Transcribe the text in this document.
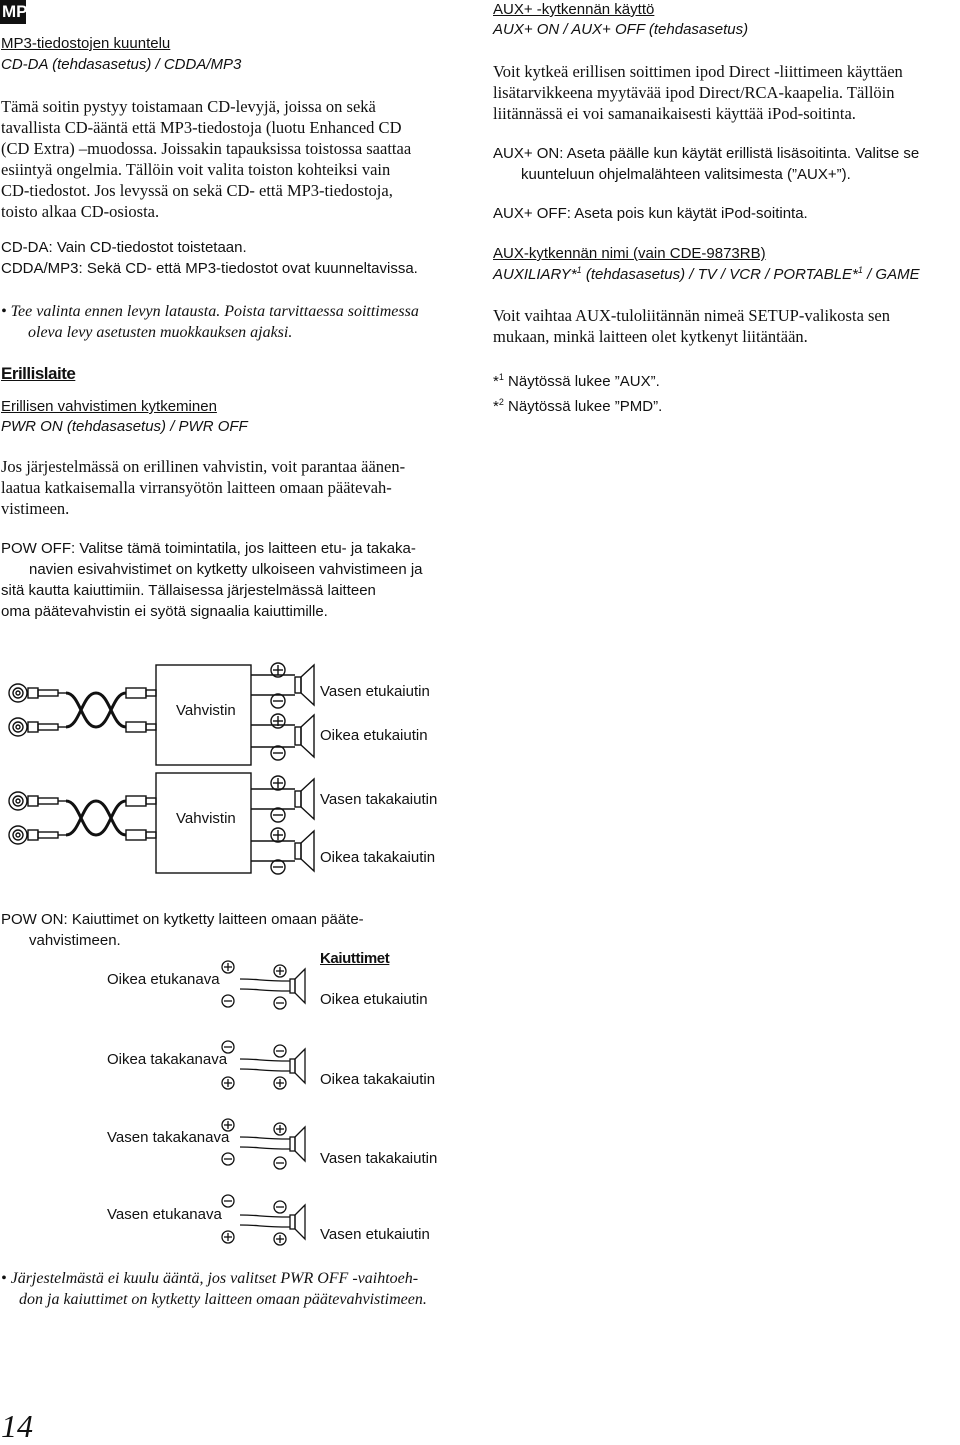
MP3
MP3-tiedostojen kuuntelu
CD-DA (tehdasasetus) / CDDA/MP3
Tämä soitin pystyy toistamaan CD-levyjä, joissa on sekä
tavallista CD-ääntä että MP3-tiedostoja (luotu Enhanced CD
(CD Extra) –muodossa. Joissakin tapauksissa toistossa saattaa
esiintyä ongelmia. Tällöin voit valita toiston kohteiksi vain
CD-tiedostot. Jos levyssä on sekä CD- että MP3-tiedostoja,
toisto alkaa CD-osiosta.
CD-DA: Vain CD-tiedostot toistetaan.
CDDA/MP3: Sekä CD- että MP3-tiedostot ovat kuunneltavissa.
• Tee valinta ennen levyn latausta. Poista tarvittaessa soittimessa
oleva levy asetusten muokkauksen ajaksi.
Erillislaite
Erillisen vahvistimen kytkeminen
PWR ON (tehdasasetus) / PWR OFF
Jos järjestelmässä on erillinen vahvistin, voit parantaa äänen-
laatua katkaisemalla virransyötön laitteen omaan päätevah-
vistimeen.
POW OFF: Valitse tämä toimintatila, jos laitteen etu- ja takaka-
navien esivahvistimet on kytketty ulkoiseen vahvistimeen ja
sitä kautta kaiuttimiin. Tällaisessa järjestelmässä laitteen
oma päätevahvistin ei syötä signaalia kaiuttimille.
Vahvistin
Vasen etukaiutin
Oikea etukaiutin
Vahvistin
Vasen takakaiutin
Oikea takakaiutin
POW ON: Kaiuttimet on kytketty laitteen omaan pääte-
vahvistimeen.
Kaiuttimet
Oikea etukanava
Oikea etukaiutin
Oikea takakanava
Oikea takakaiutin
Vasen takakanava
Vasen takakaiutin
Vasen etukanava
Vasen etukaiutin
• Järjestelmästä ei kuulu ääntä, jos valitset PWR OFF -vaihtoeh-
don ja kaiuttimet on kytketty laitteen omaan päätevahvistimeen.
14
AUX+ -kytkennän käyttö
AUX+ ON / AUX+ OFF (tehdasasetus)
Voit kytkeä erillisen soittimen ipod Direct -liittimeen käyttäen
lisätarvikkeena myytävää ipod Direct/RCA-kaapelia. Tällöin
liitännässä ei voi samanaikaisesti käyttää iPod-soitinta.
AUX+ ON: Aseta päälle kun käytät erillistä lisäsoitinta. Valitse se
kuunteluun ohjelmalähteen valitsimesta (”AUX+”).
AUX+ OFF: Aseta pois kun käytät iPod-soitinta.
AUX-kytkennän nimi (vain CDE-9873RB)
AUXILIARY*$^1$ (tehdasasetus) / TV / VCR / PORTABLE*$^1$ / GAME
Voit vaihtaa AUX-tuloliitännän nimeä SETUP-valikosta sen
mukaan, minkä laitteen olet kytkenyt liitäntään.
*$^1$ Näytössä lukee ”AUX”.
*$^2$ Näytössä lukee ”PMD”.
